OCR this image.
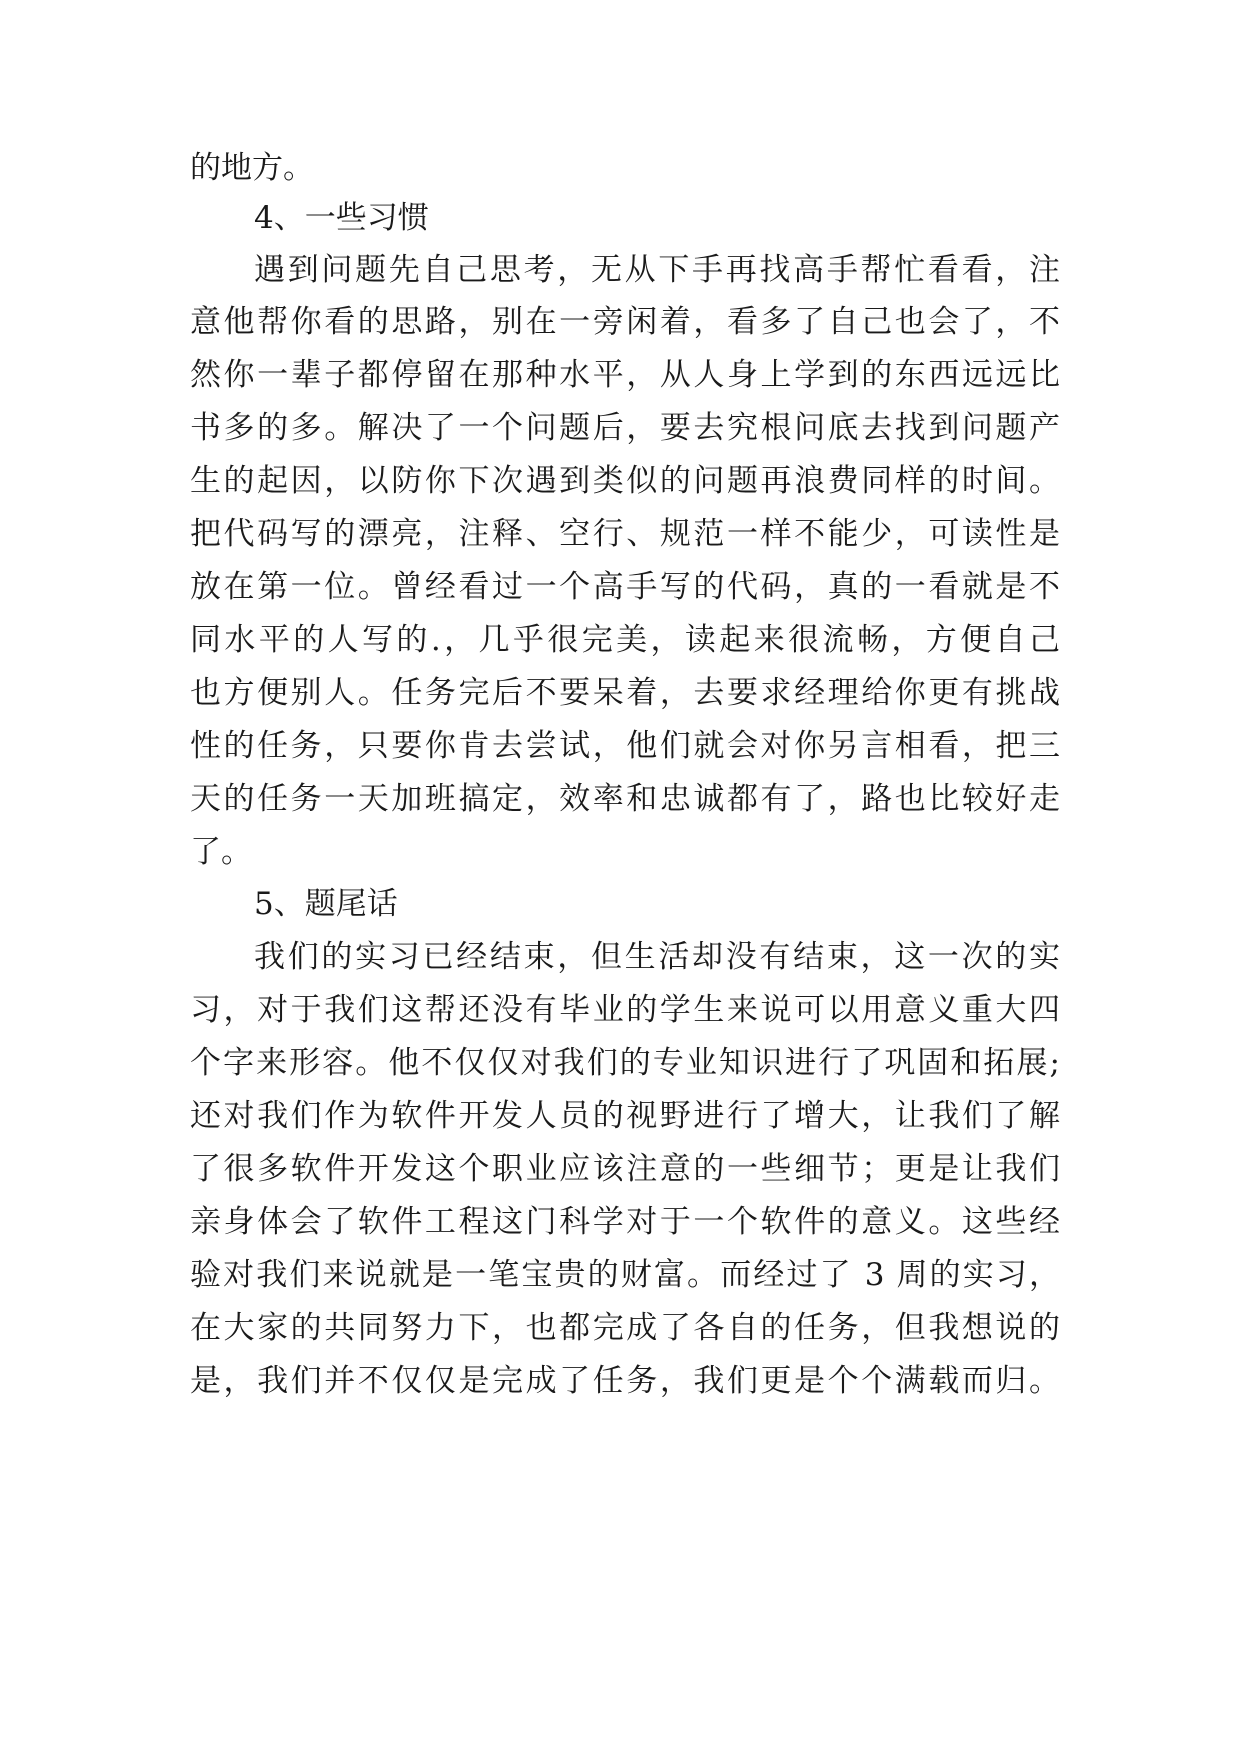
的地方。
4、一些习惯
遇到问题先自己思考，无从下手再找高手帮忙看看，注
意他帮你看的思路，别在一旁闲着，看多了自己也会了，不
然你一辈子都停留在那种水平，从人身上学到的东西远远比
书多的多。解决了一个问题后，要去究根问底去找到问题产
生的起因，以防你下次遇到类似的问题再浪费同样的时间。
把代码写的漂亮，注释、空行、规范一样不能少，可读性是
放在第一位。曾经看过一个高手写的代码，真的一看就是不
同水平的人写的.，几乎很完美，读起来很流畅，方便自己
也方便别人。任务完后不要呆着，去要求经理给你更有挑战
性的任务，只要你肯去尝试，他们就会对你另言相看，把三
天的任务一天加班搞定，效率和忠诚都有了，路也比较好走
了。
5、题尾话
我们的实习已经结束，但生活却没有结束，这一次的实
习，对于我们这帮还没有毕业的学生来说可以用意义重大四
个字来形容。他不仅仅对我们的专业知识进行了巩固和拓展;
还对我们作为软件开发人员的视野进行了增大，让我们了解
了很多软件开发这个职业应该注意的一些细节；更是让我们
亲身体会了软件工程这门科学对于一个软件的意义。这些经
验对我们来说就是一笔宝贵的财富。而经过了 3 周的实习，
在大家的共同努力下，也都完成了各自的任务，但我想说的
是，我们并不仅仅是完成了任务，我们更是个个满载而归。
